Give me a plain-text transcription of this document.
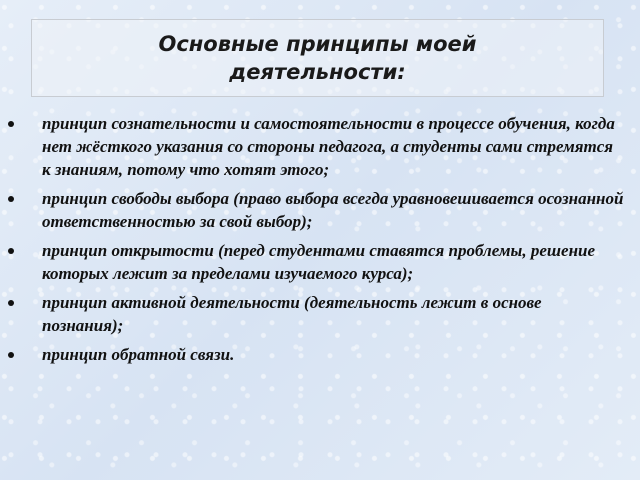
Основные принципы моей деятельности:
принцип сознательности и самостоятельности в процессе обучения, когда нет жёсткого указания со стороны педагога, а студенты сами стремятся к знаниям, потому что хотят этого;
принцип свободы выбора (право выбора всегда уравновешивается осознанной ответственностью за свой выбор);
принцип открытости (перед студентами ставятся проблемы, решение которых лежит за пределами изучаемого курса);
принцип активной деятельности (деятельность лежит в основе познания);
принцип обратной связи.
